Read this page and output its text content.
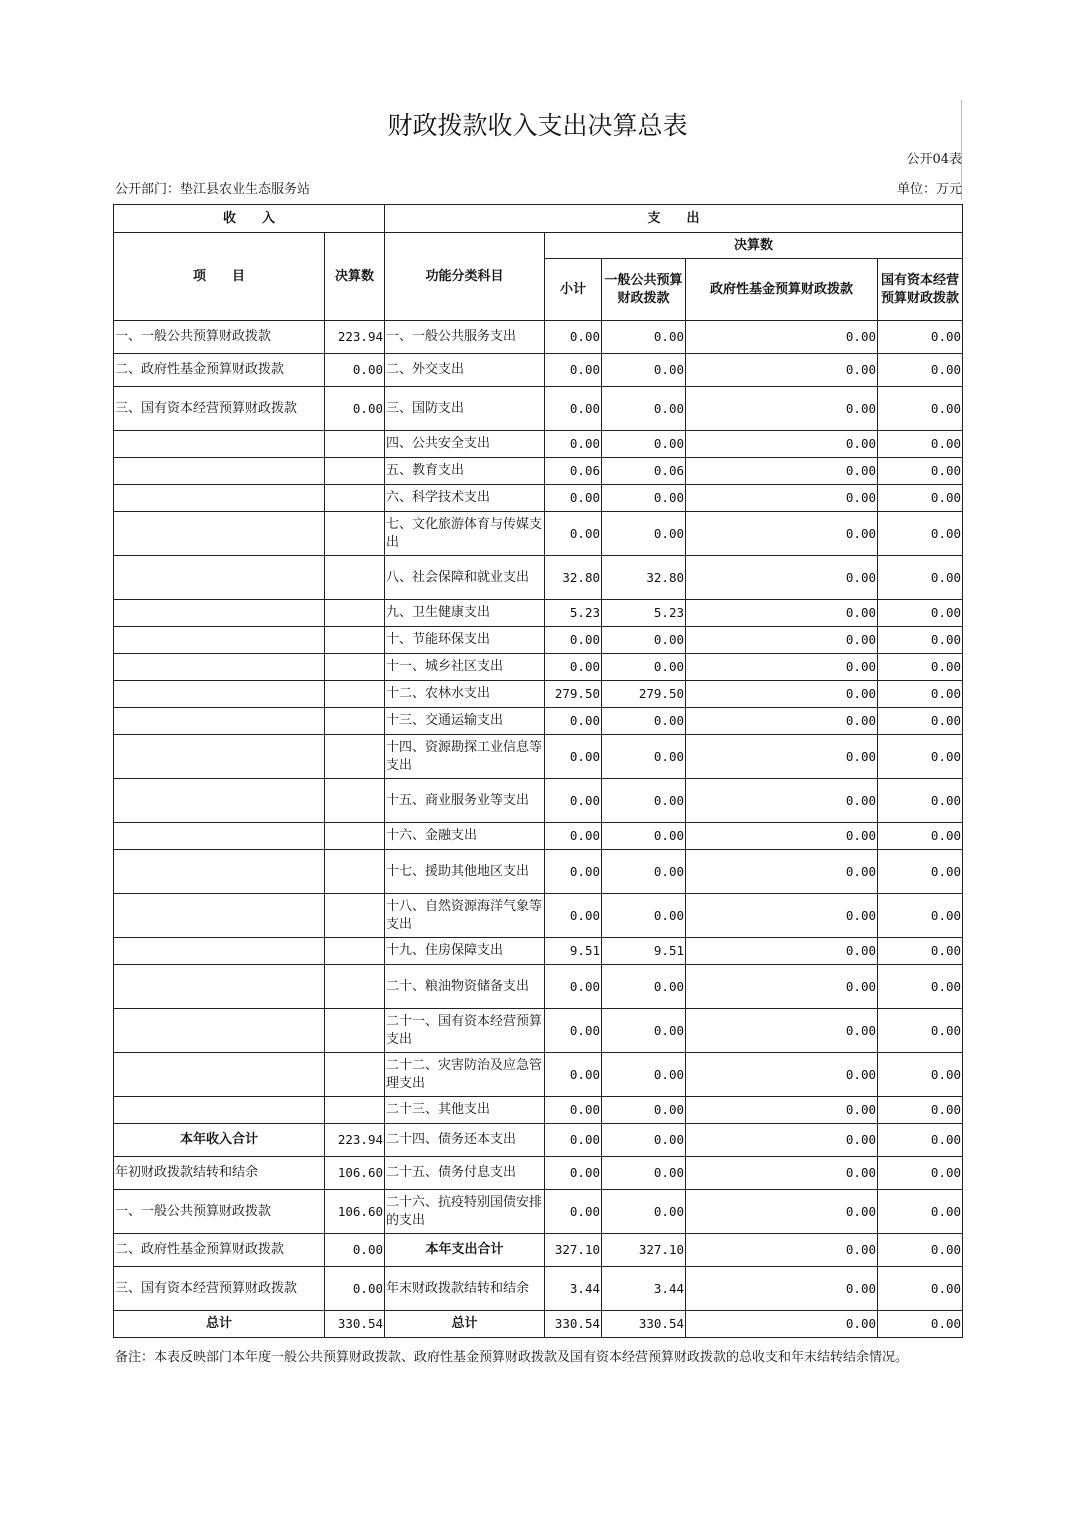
财政拨款收入支出决算总表
公开04表
公开部门：垫江县农业生态服务站	单位：万元
收　　入		支　　出				
项　　目	决算数	功能分类科目	决算数			
			小计	一般公共预算财政拨款	政府性基金预算财政拨款	国有资本经营预算财政拨款
一、一般公共预算财政拨款	223.94	一、一般公共服务支出	0.00	0.00	0.00	0.00
二、政府性基金预算财政拨款	0.00	二、外交支出	0.00	0.00	0.00	0.00
三、国有资本经营预算财政拨款	0.00	三、国防支出	0.00	0.00	0.00	0.00
		四、公共安全支出	0.00	0.00	0.00	0.00
		五、教育支出	0.06	0.06	0.00	0.00
		六、科学技术支出	0.00	0.00	0.00	0.00
		七、文化旅游体育与传媒支出	0.00	0.00	0.00	0.00
		八、社会保障和就业支出	32.80	32.80	0.00	0.00
		九、卫生健康支出	5.23	5.23	0.00	0.00
		十、节能环保支出	0.00	0.00	0.00	0.00
		十一、城乡社区支出	0.00	0.00	0.00	0.00
		十二、农林水支出	279.50	279.50	0.00	0.00
		十三、交通运输支出	0.00	0.00	0.00	0.00
		十四、资源勘探工业信息等支出	0.00	0.00	0.00	0.00
		十五、商业服务业等支出	0.00	0.00	0.00	0.00
		十六、金融支出	0.00	0.00	0.00	0.00
		十七、援助其他地区支出	0.00	0.00	0.00	0.00
		十八、自然资源海洋气象等支出	0.00	0.00	0.00	0.00
		十九、住房保障支出	9.51	9.51	0.00	0.00
		二十、粮油物资储备支出	0.00	0.00	0.00	0.00
		二十一、国有资本经营预算支出	0.00	0.00	0.00	0.00
		二十二、灾害防治及应急管理支出	0.00	0.00	0.00	0.00
		二十三、其他支出	0.00	0.00	0.00	0.00
本年收入合计	223.94	二十四、债务还本支出	0.00	0.00	0.00	0.00
年初财政拨款结转和结余	106.60	二十五、债务付息支出	0.00	0.00	0.00	0.00
一、一般公共预算财政拨款	106.60	二十六、抗疫特别国债安排的支出	0.00	0.00	0.00	0.00
二、政府性基金预算财政拨款	0.00	本年支出合计	327.10	327.10	0.00	0.00
三、国有资本经营预算财政拨款	0.00	年末财政拨款结转和结余	3.44	3.44	0.00	0.00
总计	330.54	总计	330.54	330.54	0.00	0.00
备注：本表反映部门本年度一般公共预算财政拨款、政府性基金预算财政拨款及国有资本经营预算财政拨款的总收支和年末结转结余情况。
